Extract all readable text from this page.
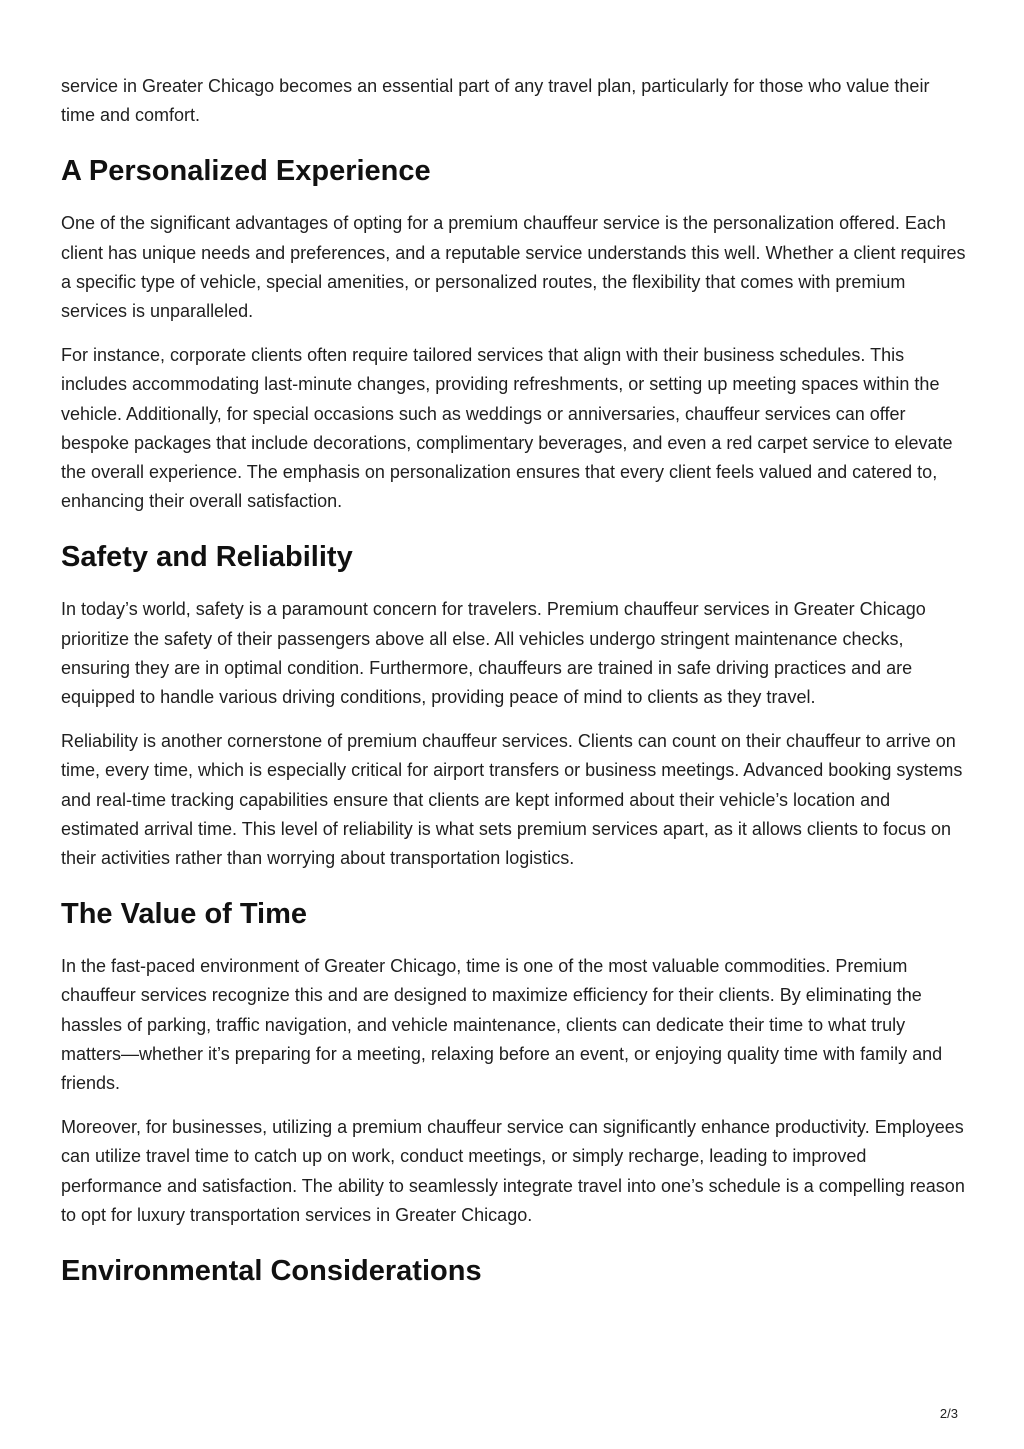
service in Greater Chicago becomes an essential part of any travel plan, particularly for those who value their time and comfort.

A Personalized Experience

One of the significant advantages of opting for a premium chauffeur service is the personalization offered. Each client has unique needs and preferences, and a reputable service understands this well. Whether a client requires a specific type of vehicle, special amenities, or personalized routes, the flexibility that comes with premium services is unparalleled.

For instance, corporate clients often require tailored services that align with their business schedules. This includes accommodating last-minute changes, providing refreshments, or setting up meeting spaces within the vehicle. Additionally, for special occasions such as weddings or anniversaries, chauffeur services can offer bespoke packages that include decorations, complimentary beverages, and even a red carpet service to elevate the overall experience. The emphasis on personalization ensures that every client feels valued and catered to, enhancing their overall satisfaction.

Safety and Reliability

In today’s world, safety is a paramount concern for travelers. Premium chauffeur services in Greater Chicago prioritize the safety of their passengers above all else. All vehicles undergo stringent maintenance checks, ensuring they are in optimal condition. Furthermore, chauffeurs are trained in safe driving practices and are equipped to handle various driving conditions, providing peace of mind to clients as they travel.

Reliability is another cornerstone of premium chauffeur services. Clients can count on their chauffeur to arrive on time, every time, which is especially critical for airport transfers or business meetings. Advanced booking systems and real-time tracking capabilities ensure that clients are kept informed about their vehicle’s location and estimated arrival time. This level of reliability is what sets premium services apart, as it allows clients to focus on their activities rather than worrying about transportation logistics.

The Value of Time

In the fast-paced environment of Greater Chicago, time is one of the most valuable commodities. Premium chauffeur services recognize this and are designed to maximize efficiency for their clients. By eliminating the hassles of parking, traffic navigation, and vehicle maintenance, clients can dedicate their time to what truly matters—whether it’s preparing for a meeting, relaxing before an event, or enjoying quality time with family and friends.

Moreover, for businesses, utilizing a premium chauffeur service can significantly enhance productivity. Employees can utilize travel time to catch up on work, conduct meetings, or simply recharge, leading to improved performance and satisfaction. The ability to seamlessly integrate travel into one’s schedule is a compelling reason to opt for luxury transportation services in Greater Chicago.

Environmental Considerations
2/3
